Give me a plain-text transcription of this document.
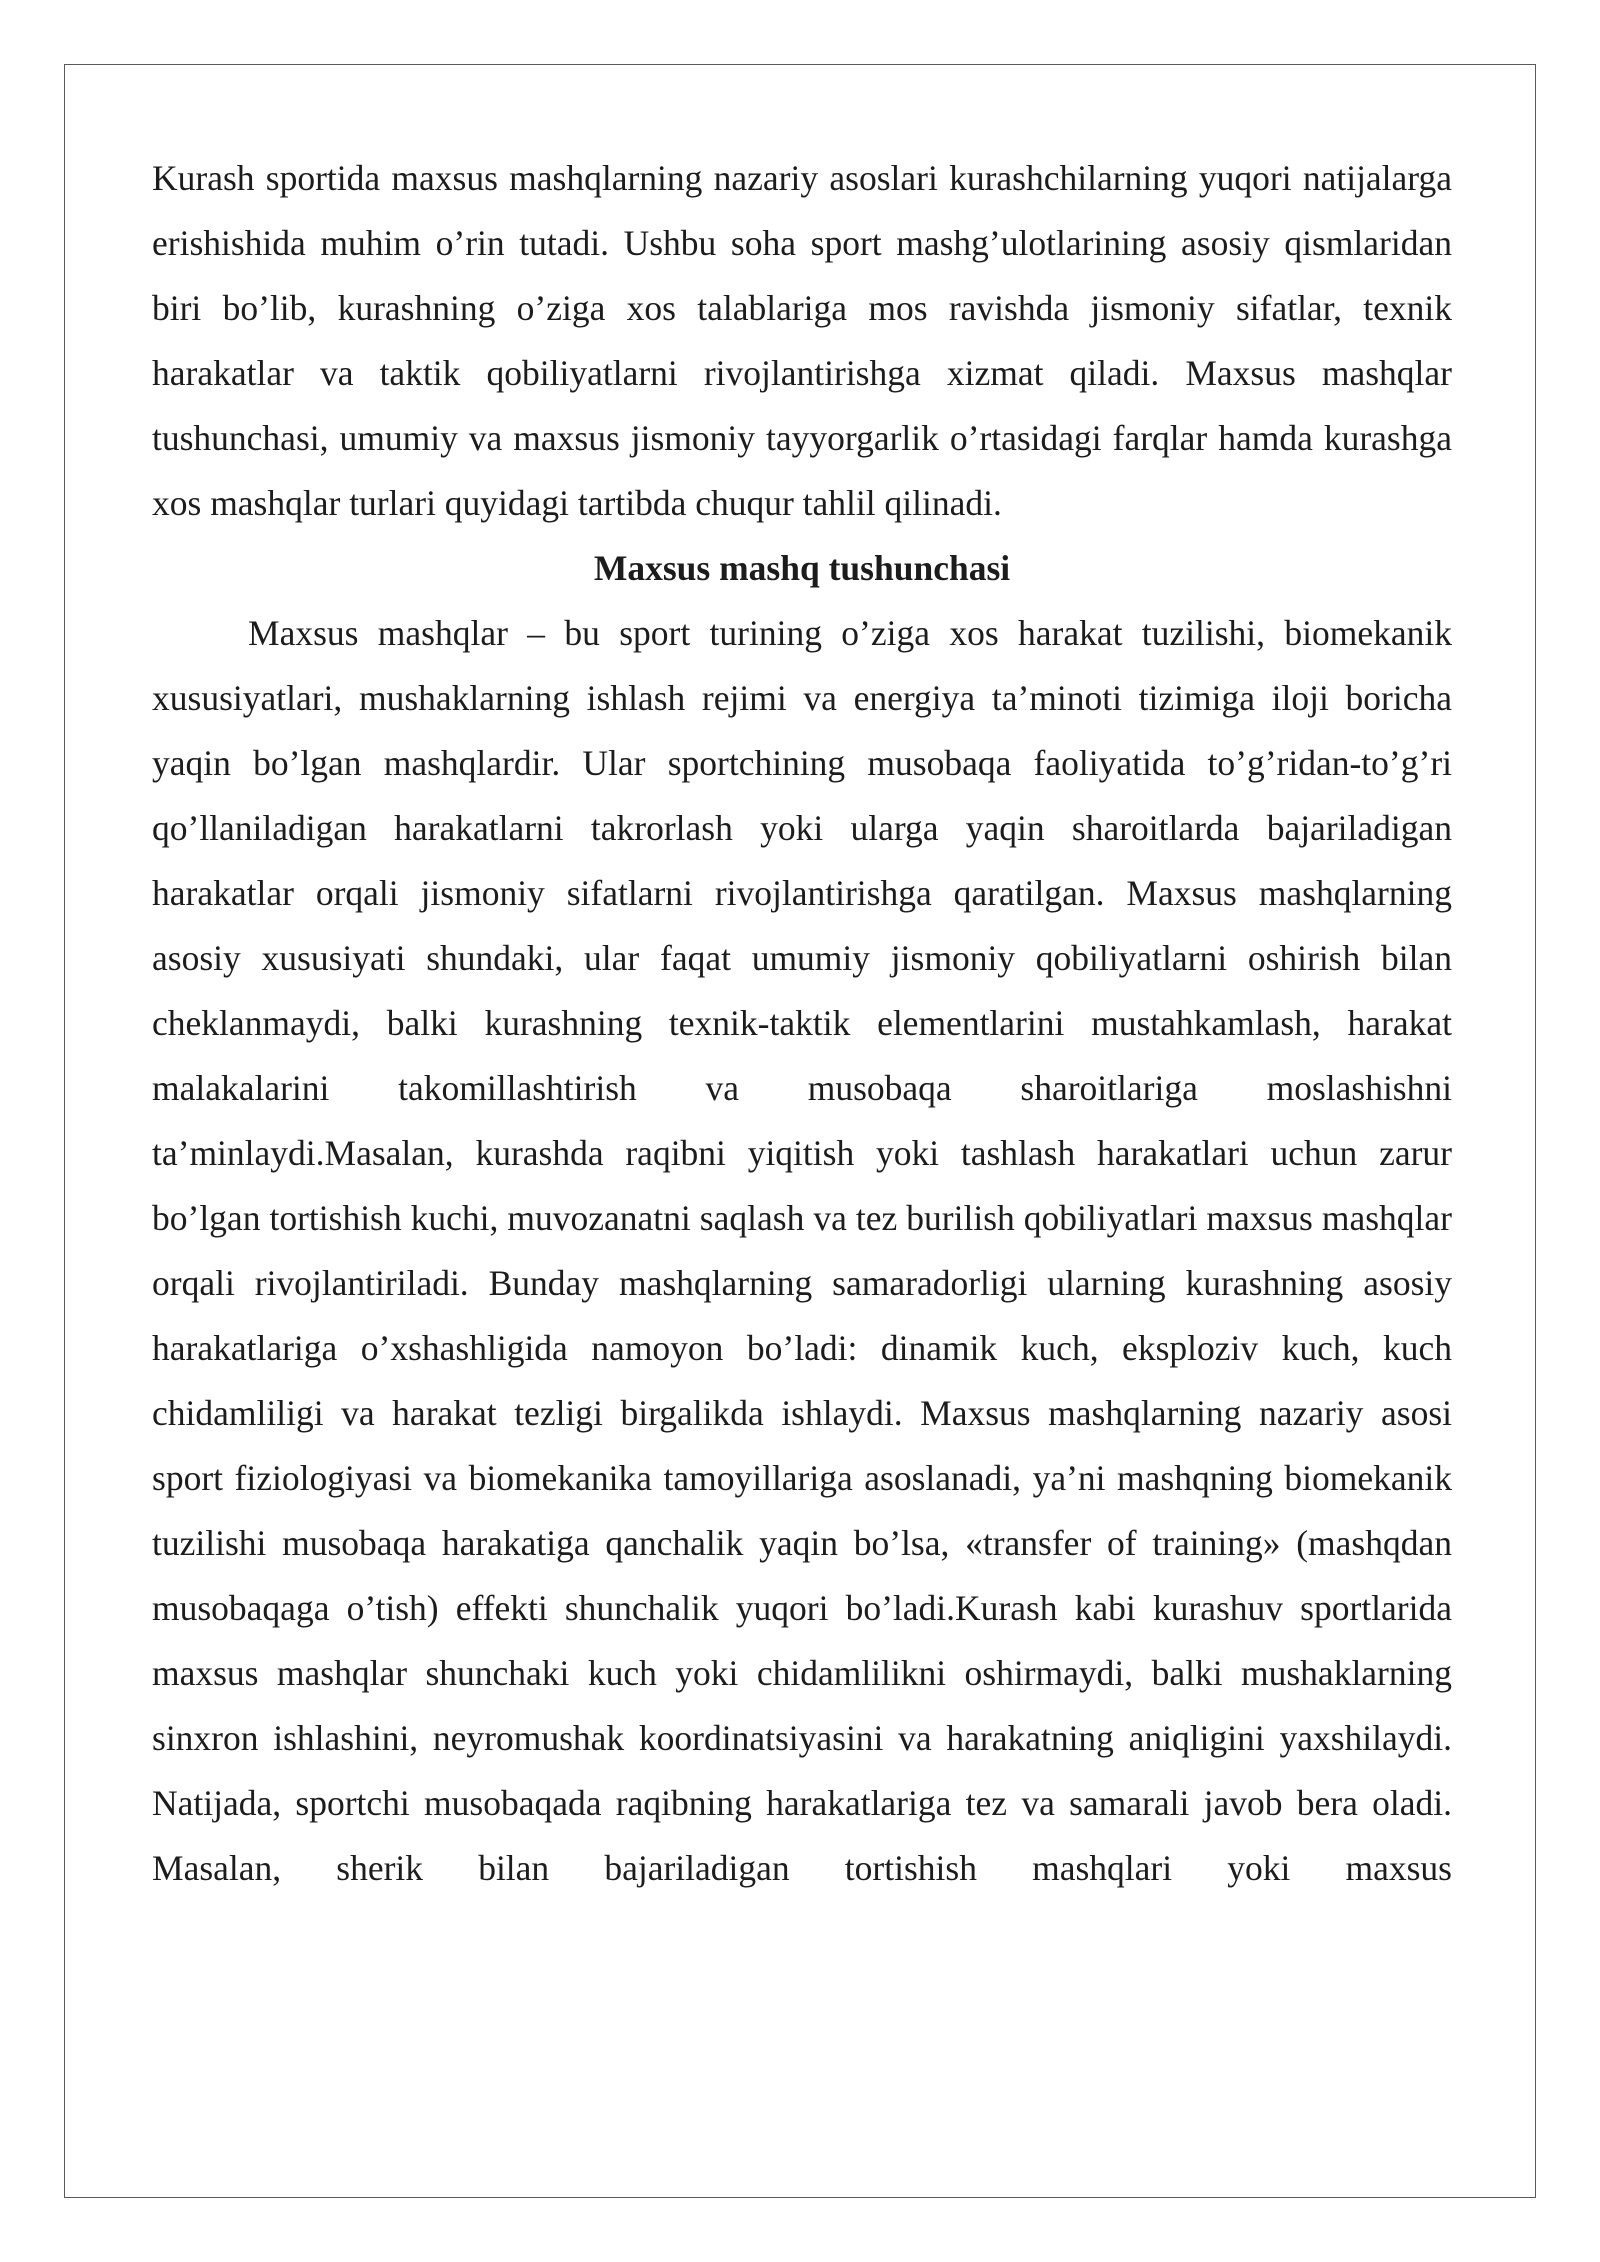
Kurash sportida maxsus mashqlarning nazariy asoslari kurashchilarning yuqori natijalarga erishishida muhim o’rin tutadi. Ushbu soha sport mashg’ulotlarining asosiy qismlaridan biri bo’lib, kurashning o’ziga xos talablariga mos ravishda jismoniy sifatlar, texnik harakatlar va taktik qobiliyatlarni rivojlantirishga xizmat qiladi. Maxsus mashqlar tushunchasi, umumiy va maxsus jismoniy tayyorgarlik o’rtasidagi farqlar hamda kurashga xos mashqlar turlari quyidagi tartibda chuqur tahlil qilinadi.

Maxsus mashq tushunchasi

Maxsus mashqlar – bu sport turining o’ziga xos harakat tuzilishi, biomekanik xususiyatlari, mushaklarning ishlash rejimi va energiya ta’minoti tizimiga iloji boricha yaqin bo’lgan mashqlardir. Ular sportchining musobaqa faoliyatida to’g’ridan-to’g’ri qo’llaniladigan harakatlarni takrorlash yoki ularga yaqin sharoitlarda bajariladigan harakatlar orqali jismoniy sifatlarni rivojlantirishga qaratilgan. Maxsus mashqlarning asosiy xususiyati shundaki, ular faqat umumiy jismoniy qobiliyatlarni oshirish bilan cheklanmaydi, balki kurashning texnik-taktik elementlarini mustahkamlash, harakat malakalarini takomillashtirish va musobaqa sharoitlariga moslashishni ta’minlaydi.Masalan, kurashda raqibni yiqitish yoki tashlash harakatlari uchun zarur bo’lgan tortishish kuchi, muvozanatni saqlash va tez burilish qobiliyatlari maxsus mashqlar orqali rivojlantiriladi. Bunday mashqlarning samaradorligi ularning kurashning asosiy harakatlariga o’xshashligida namoyon bo’ladi: dinamik kuch, eksploziv kuch, kuch chidamliligi va harakat tezligi birgalikda ishlaydi. Maxsus mashqlarning nazariy asosi sport fiziologiyasi va biomekanika tamoyillariga asoslanadi, ya’ni mashqning biomekanik tuzilishi musobaqa harakatiga qanchalik yaqin bo’lsa, «transfer of training» (mashqdan musobaqaga o’tish) effekti shunchalik yuqori bo’ladi.Kurash kabi kurashuv sportlarida maxsus mashqlar shunchaki kuch yoki chidamlilikni oshirmaydi, balki mushaklarning sinxron ishlashini, neyromushak koordinatsiyasini va harakatning aniqligini yaxshilaydi. Natijada, sportchi musobaqada raqibning harakatlariga tez va samarali javob bera oladi. Masalan, sherik bilan bajariladigan tortishish mashqlari yoki maxsus
